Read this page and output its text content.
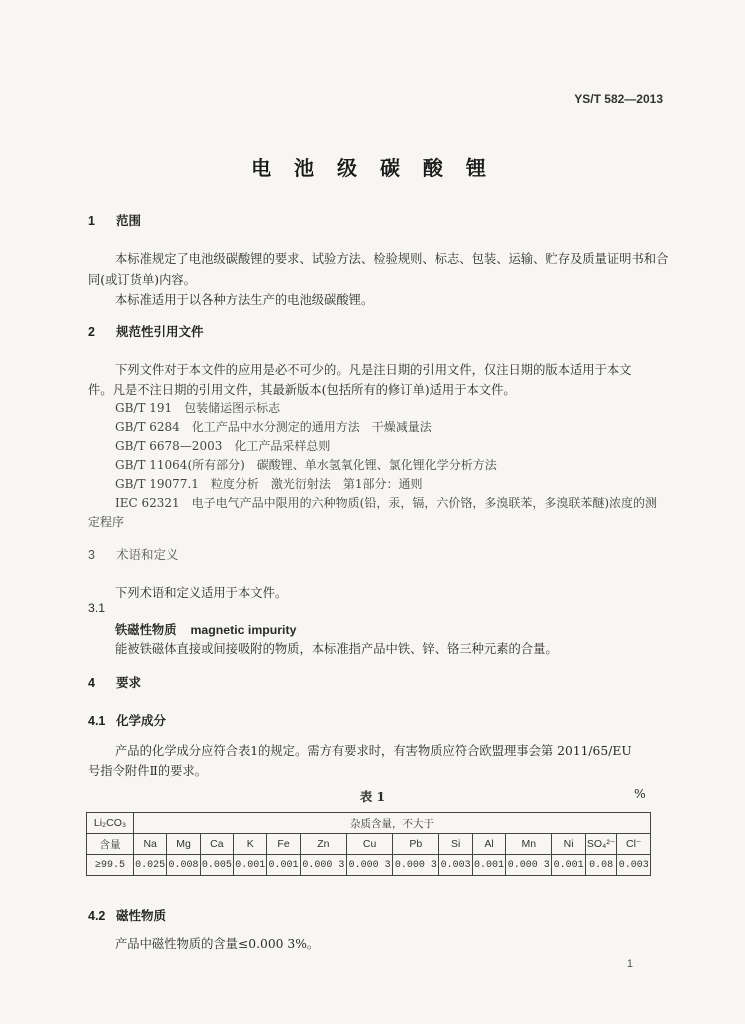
YS/T 582—2013
电 池 级 碳 酸 锂
1 范围
本标准规定了电池级碳酸锂的要求、试验方法、检验规则、标志、包装、运输、贮存及质量证明书和合
同(或订货单)内容。
本标准适用于以各种方法生产的电池级碳酸锂。
2 规范性引用文件
下列文件对于本文件的应用是必不可少的。凡是注日期的引用文件，仅注日期的版本适用于本文
件。凡是不注日期的引用文件，其最新版本(包括所有的修订单)适用于本文件。
GB/T 191　包装储运图示标志
GB/T 6284　化工产品中水分测定的通用方法　干燥减量法
GB/T 6678—2003　化工产品采样总则
GB/T 11064(所有部分)　碳酸锂、单水氢氧化锂、氯化锂化学分析方法
GB/T 19077.1　粒度分析　激光衍射法　第1部分：通则
IEC 62321　电子电气产品中限用的六种物质(铅，汞，镉，六价铬，多溴联苯，多溴联苯醚)浓度的测
定程序
3 术语和定义
下列术语和定义适用于本文件。
3.1
铁磁性物质 magnetic impurity
能被铁磁体直接或间接吸附的物质，本标准指产品中铁、锌、铬三种元素的合量。
4 要求
4.1 化学成分
产品的化学成分应符合表1的规定。需方有要求时，有害物质应符合欧盟理事会第 2011/65/EU
号指令附件Ⅱ的要求。
表 1	%
Li₂CO₃	杂质含量，不大于													
含量	Na	Mg	Ca	K	Fe	Zn	Cu	Pb	Si	Al	Mn	Ni	SO₄²⁻	Cl⁻
≥99.5	0.025	0.008	0.005	0.001	0.001	0.000 3	0.000 3	0.000 3	0.003	0.001	0.000 3	0.001	0.08	0.003
4.2 磁性物质
产品中磁性物质的含量≤0.000 3%。
1
